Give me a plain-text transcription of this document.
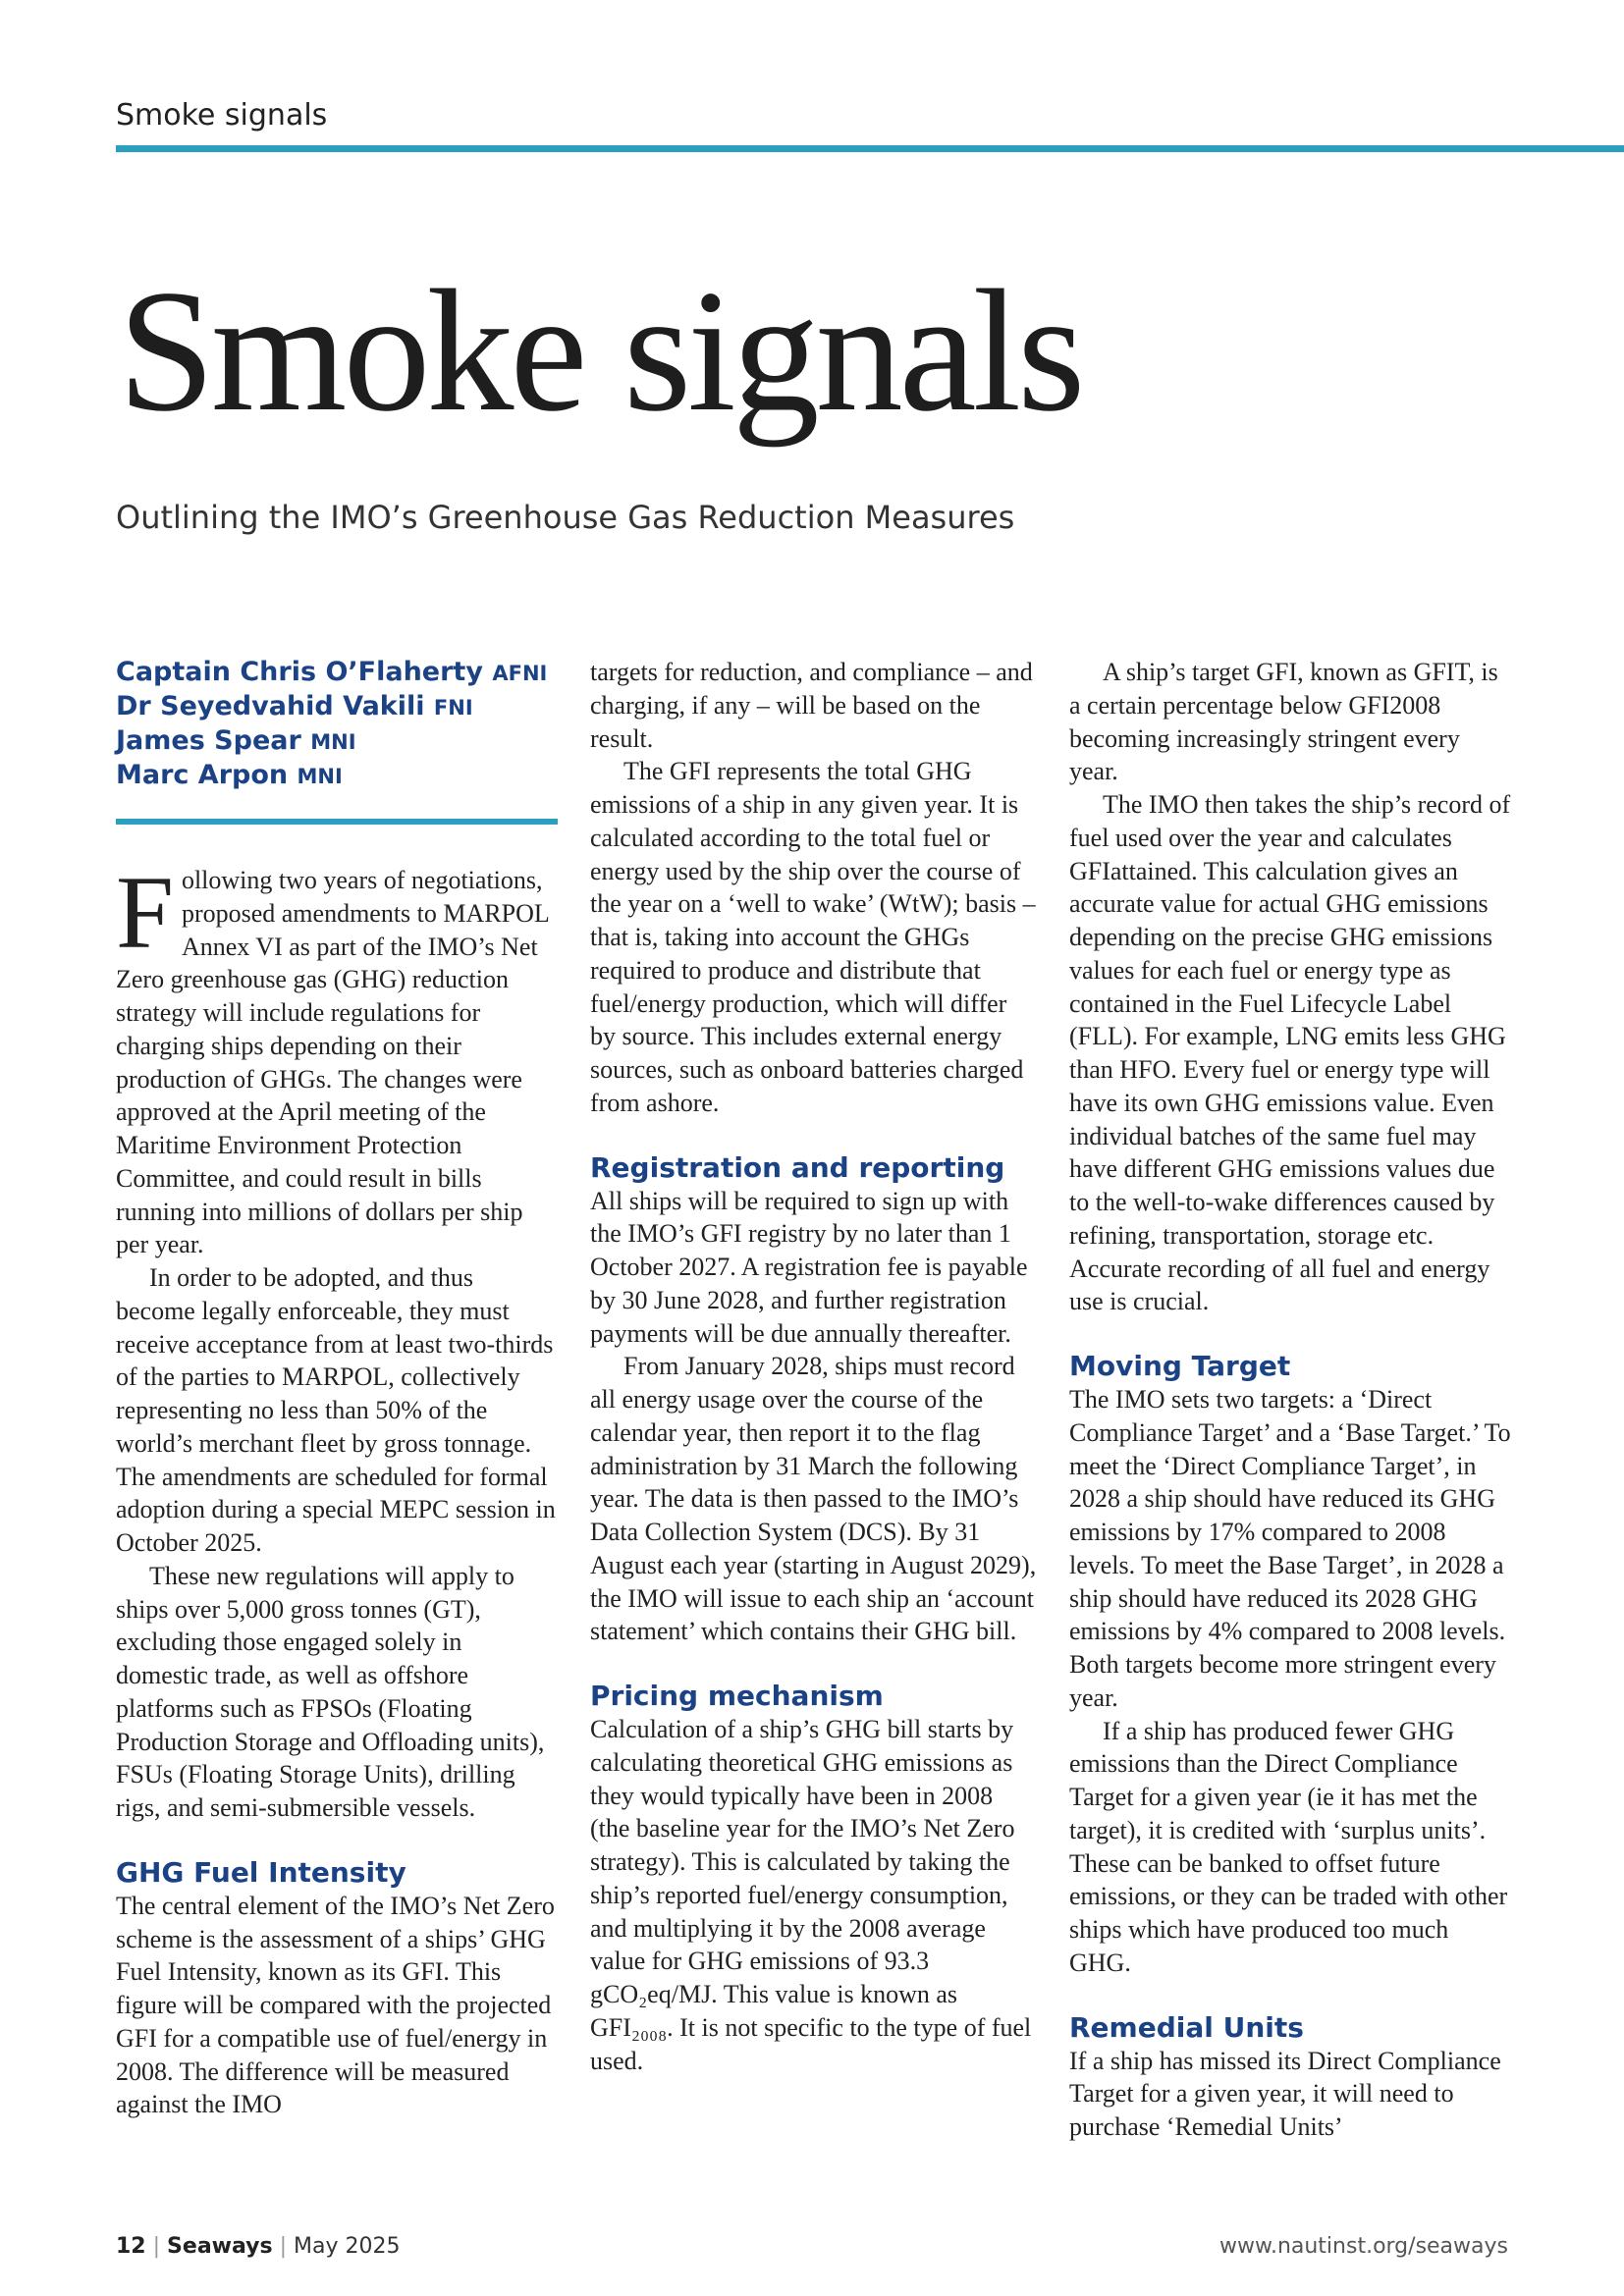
Smoke signals
Smoke signals
Outlining the IMO’s Greenhouse Gas Reduction Measures
Captain Chris O’Flaherty AFNI
Dr Seyedvahid Vakili FNI
James Spear MNI
Marc Arpon MNI

Following two years of negotiations, proposed amendments to MARPOL Annex VI as part of the IMO’s Net Zero greenhouse gas (GHG) reduction strategy will include regulations for charging ships depending on their production of GHGs. The changes were approved at the April meeting of the Maritime Environment Protection Committee, and could result in bills running into millions of dollars per ship per year.

In order to be adopted, and thus become legally enforceable, they must receive acceptance from at least two-thirds of the parties to MARPOL, collectively representing no less than 50% of the world’s merchant fleet by gross tonnage. The amendments are scheduled for formal adoption during a special MEPC session in October 2025.

These new regulations will apply to ships over 5,000 gross tonnes (GT), excluding those engaged solely in domestic trade, as well as offshore platforms such as FPSOs (Floating Production Storage and Offloading units), FSUs (Floating Storage Units), drilling rigs, and semi-submersible vessels.

GHG Fuel Intensity

The central element of the IMO’s Net Zero scheme is the assessment of a ships’ GHG Fuel Intensity, known as its GFI. This figure will be compared with the projected GFI for a compatible use of fuel/energy in 2008. The difference will be measured against the IMO

targets for reduction, and compliance – and charging, if any – will be based on the result.

The GFI represents the total GHG emissions of a ship in any given year. It is calculated according to the total fuel or energy used by the ship over the course of the year on a ‘well to wake’ (WtW); basis – that is, taking into account the GHGs required to produce and distribute that fuel/energy production, which will differ by source. This includes external energy sources, such as onboard batteries charged from ashore.

Registration and reporting

All ships will be required to sign up with the IMO’s GFI registry by no later than 1 October 2027. A registration fee is payable by 30 June 2028, and further registration payments will be due annually thereafter.

From January 2028, ships must record all energy usage over the course of the calendar year, then report it to the flag administration by 31 March the following year. The data is then passed to the IMO’s Data Collection System (DCS). By 31 August each year (starting in August 2029), the IMO will issue to each ship an ‘account statement’ which contains their GHG bill.

Pricing mechanism

Calculation of a ship’s GHG bill starts by calculating theoretical GHG emissions as they would typically have been in 2008 (the baseline year for the IMO’s Net Zero strategy). This is calculated by taking the ship’s reported fuel/energy consumption, and multiplying it by the 2008 average value for GHG emissions of 93.3 gCO₂eq/MJ. This value is known as GFI₂₀₀₈. It is not specific to the type of fuel used.

A ship’s target GFI, known as GFIT, is a certain percentage below GFI2008 becoming increasingly stringent every year.

The IMO then takes the ship’s record of fuel used over the year and calculates GFIattained. This calculation gives an accurate value for actual GHG emissions depending on the precise GHG emissions values for each fuel or energy type as contained in the Fuel Lifecycle Label (FLL). For example, LNG emits less GHG than HFO. Every fuel or energy type will have its own GHG emissions value. Even individual batches of the same fuel may have different GHG emissions values due to the well-to-wake differences caused by refining, transportation, storage etc. Accurate recording of all fuel and energy use is crucial.

Moving Target

The IMO sets two targets: a ‘Direct Compliance Target’ and a ‘Base Target.’ To meet the ‘Direct Compliance Target’, in 2028 a ship should have reduced its GHG emissions by 17% compared to 2008 levels. To meet the Base Target’, in 2028 a ship should have reduced its 2028 GHG emissions by 4% compared to 2008 levels. Both targets become more stringent every year.

If a ship has produced fewer GHG emissions than the Direct Compliance Target for a given year (ie it has met the target), it is credited with ‘surplus units’. These can be banked to offset future emissions, or they can be traded with other ships which have produced too much GHG.

Remedial Units

If a ship has missed its Direct Compliance Target for a given year, it will need to purchase ‘Remedial Units’

12 | Seaways | May 2025	www.nautinst.org/seaways
